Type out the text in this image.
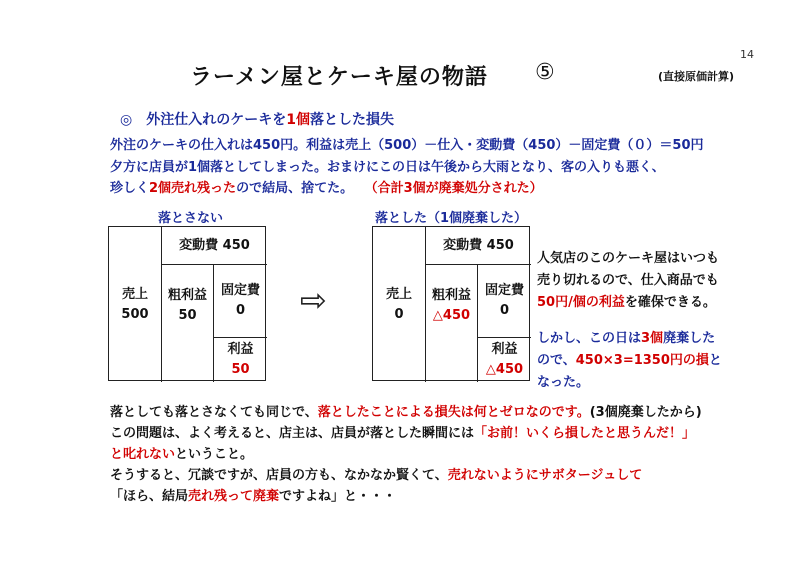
14
ラーメン屋とケーキ屋の物語 ⑤	(直接原価計算)
◎　外注仕入れのケーキを1個落とした損失
外注のケーキの仕入れは450円。利益は売上（500）－仕入・変動費（450）－固定費（０）＝50円
夕方に店員が1個落としてしまった。おまけにこの日は午後から大雨となり、客の入りも悪く、
珍しく2個売れ残ったので結局、捨てた。 （合計3個が廃棄処分された）
落とさない
売上
500
変動費 450
粗利益
50
固定費
0
利益
50
⇨
落とした（1個廃棄した）
売上
0
変動費 450
粗利益
△450
固定費
0
利益
△450
人気店のこのケーキ屋はいつも
売り切れるので、仕入商品でも
50円/個の利益を確保できる。
しかし、この日は3個廃棄した
ので、450×3=1350円の損と
なった。
落としても落とさなくても同じで、落としたことによる損失は何とゼロなのです。(3個廃棄したから)
この問題は、よく考えると、店主は、店員が落とした瞬間には「お前！いくら損したと思うんだ！」
と叱れないということ。
そうすると、冗談ですが、店員の方も、なかなか賢くて、売れないようにサボタージュして
「ほら、結局売れ残って廃棄ですよね」と・・・
